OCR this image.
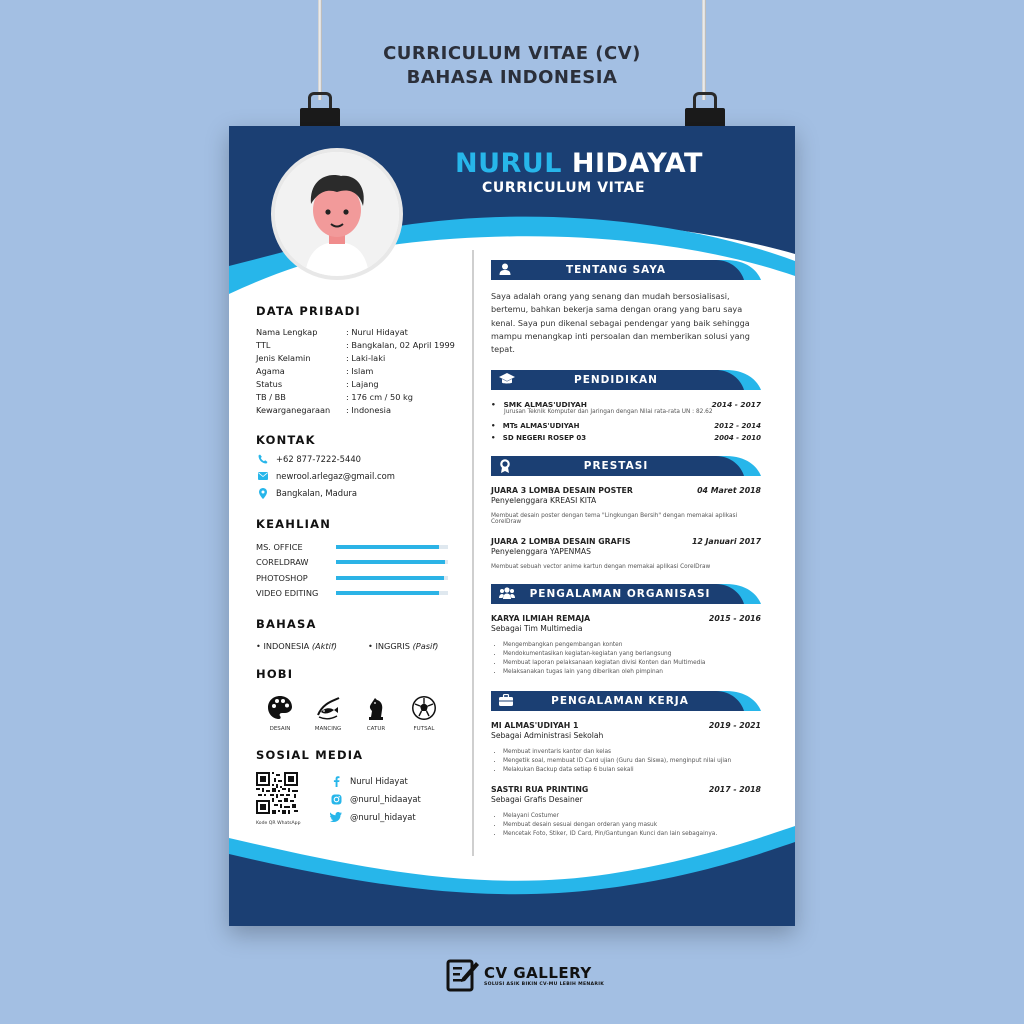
CURRICULUM VITAE (CV)
BAHASA INDONESIA
NURUL HIDAYAT
CURRICULUM VITAE
DATA PRIBADI
Nama Lengkap	: Nurul Hidayat
TTL	: Bangkalan, 02 April 1999
Jenis Kelamin	: Laki-laki
Agama	: Islam
Status	: Lajang
TB / BB	: 176 cm / 50 kg
Kewarganegaraan	: Indonesia
KONTAK
+62 877-7222-5440
newrool.arlegaz@gmail.com
Bangkalan, Madura
KEAHLIAN
MS. OFFICE
CORELDRAW
PHOTOSHOP
VIDEO EDITING
BAHASA
• INDONESIA (Aktif)	• INGGRIS (Pasif)
HOBI
DESAIN	MANCING	CATUR	FUTSAL
SOSIAL MEDIA
Kode QR WhatsApp
Nurul Hidayat
@nurul_hidaayat
@nurul_hidayat
TENTANG SAYA
Saya adalah orang yang senang dan mudah bersosialisasi, bertemu, bahkan bekerja sama dengan orang yang baru saya kenal. Saya pun dikenal sebagai pendengar yang baik sehingga mampu menangkap inti persoalan dan memberikan solusi yang tepat.
PENDIDIKAN
•   SMK ALMAS'UDIYAH	2014 - 2017
Jurusan Teknik Komputer dan Jaringan dengan Nilai rata-rata UN : 82.62
•   MTs ALMAS'UDIYAH	2012 - 2014
•   SD NEGERI ROSEP 03	2004 - 2010
PRESTASI
JUARA 3 LOMBA DESAIN POSTER	04 Maret 2018
Penyelenggara KREASI KITA
Membuat desain poster dengan tema "Lingkungan Bersih" dengan memakai aplikasi CorelDraw
JUARA 2 LOMBA DESAIN GRAFIS	12 Januari 2017
Penyelenggara YAPENMAS
Membuat sebuah vector anime kartun dengan memakai aplikasi CorelDraw
PENGALAMAN ORGANISASI
KARYA ILMIAH REMAJA	2015 - 2016
Sebagai Tim Multimedia
• Mengembangkan pengembangan konten
• Mendokumentasikan kegiatan-kegiatan yang berlangsung
• Membuat laporan pelaksanaan kegiatan divisi Konten dan Multimedia
• Melaksanakan tugas lain yang diberikan oleh pimpinan
PENGALAMAN KERJA
MI ALMAS'UDIYAH 1	2019 - 2021
Sebagai Administrasi Sekolah
• Membuat inventaris kantor dan kelas
• Mengetik soal, membuat ID Card ujian (Guru dan Siswa), menginput nilai ujian
• Melakukan Backup data setiap 6 bulan sekali
SASTRI RUA PRINTING	2017 - 2018
Sebagai Grafis Desainer
• Melayani Costumer
• Membuat desain sesuai dengan orderan yang masuk
• Mencetak Foto, Stiker, ID Card, Pin/Gantungan Kunci dan lain sebagainya.
CV GALLERY
SOLUSI ASIK BIKIN CV-MU LEBIH MENARIK
